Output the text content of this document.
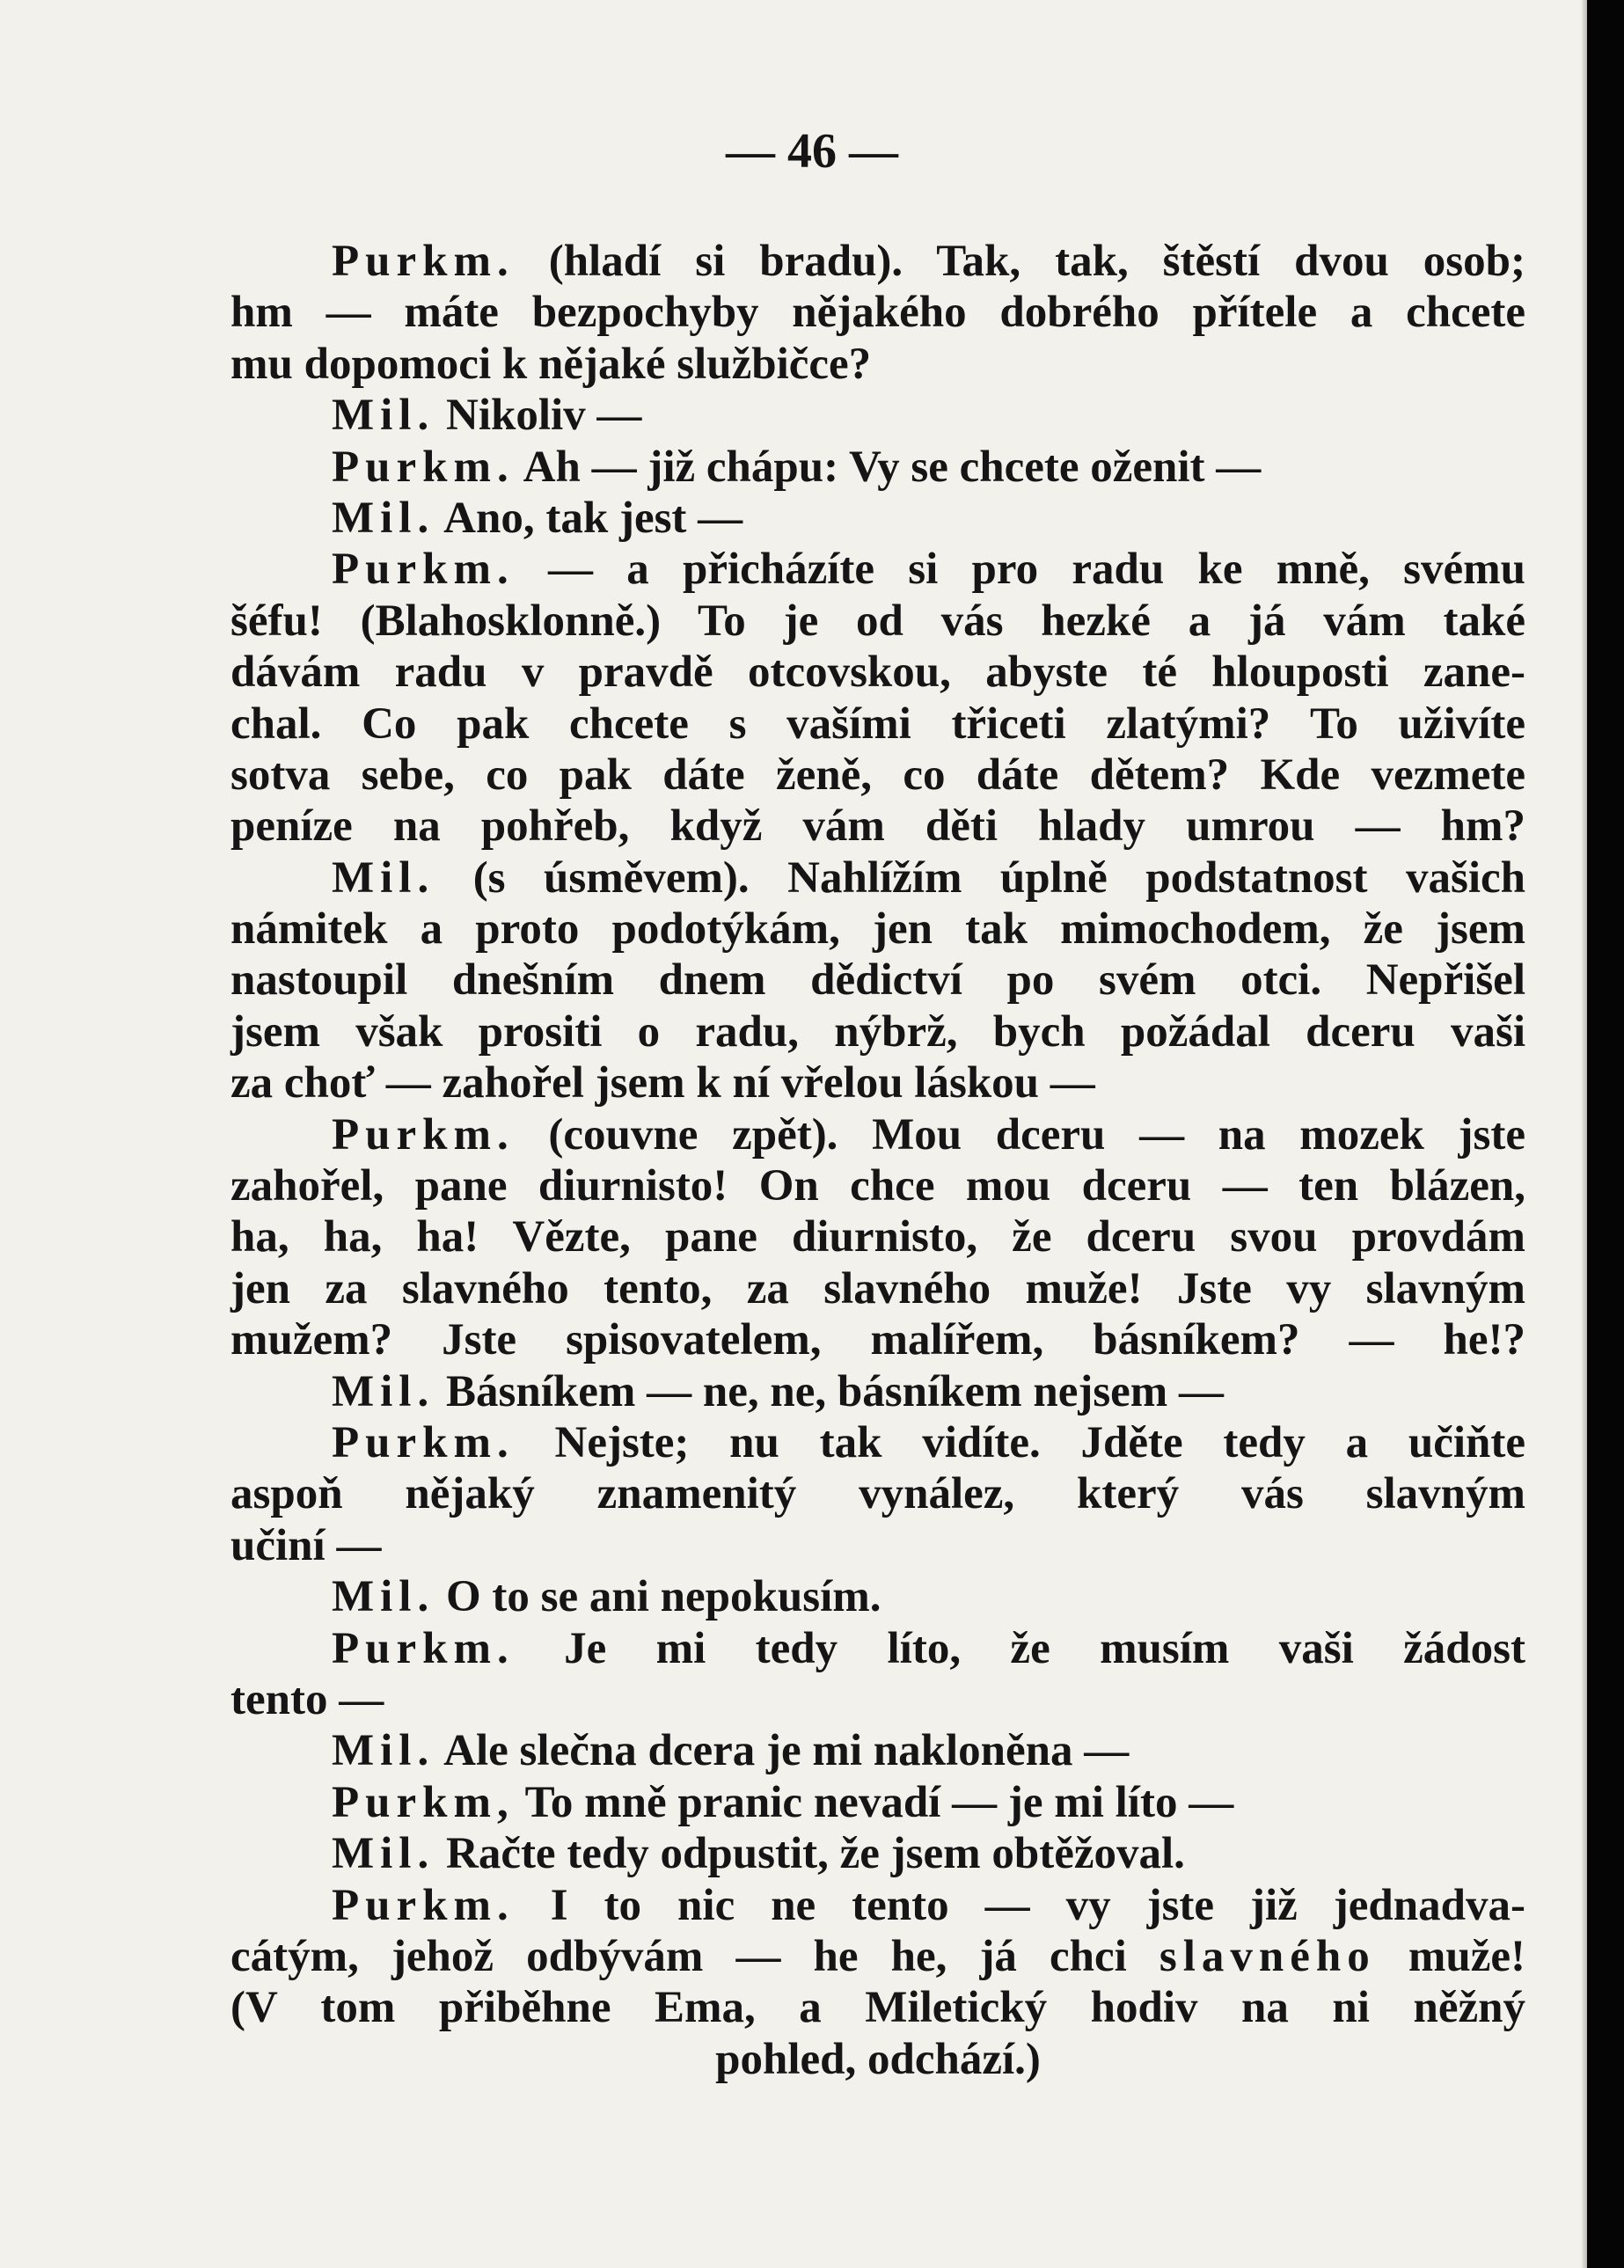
— 46 —
Purkm. (hladí si bradu). Tak, tak, štěstí dvou osob;
hm — máte bezpochyby nějakého dobrého přítele a chcete
mu dopomoci k nějaké službičce?
Mil. Nikoliv —
Purkm. Ah — již chápu: Vy se chcete oženit —
Mil. Ano, tak jest —
Purkm. — a přicházíte si pro radu ke mně, svému
šéfu! (Blahosklonně.) To je od vás hezké a já vám také
dávám radu v pravdě otcovskou, abyste té hlouposti zane-
chal. Co pak chcete s vašími třiceti zlatými? To uživíte
sotva sebe, co pak dáte ženě, co dáte dětem? Kde vezmete
peníze na pohřeb, když vám děti hlady umrou — hm?
Mil. (s úsměvem). Nahlížím úplně podstatnost vašich
námitek a proto podotýkám, jen tak mimochodem, že jsem
nastoupil dnešním dnem dědictví po svém otci. Nepřišel
jsem však prositi o radu, nýbrž, bych požádal dceru vaši
za choť — zahořel jsem k ní vřelou láskou —
Purkm. (couvne zpět). Mou dceru — na mozek jste
zahořel, pane diurnisto! On chce mou dceru — ten blázen,
ha, ha, ha! Vězte, pane diurnisto, že dceru svou provdám
jen za slavného tento, za slavného muže! Jste vy slavným
mužem? Jste spisovatelem, malířem, básníkem? — he!?
Mil. Básníkem — ne, ne, básníkem nejsem —
Purkm. Nejste; nu tak vidíte. Jděte tedy a učiňte
aspoň nějaký znamenitý vynález, který vás slavným
učiní —
Mil. O to se ani nepokusím.
Purkm. Je mi tedy líto, že musím vaši žádost
tento —
Mil. Ale slečna dcera je mi nakloněna —
Purkm, To mně pranic nevadí — je mi líto —
Mil. Račte tedy odpustit, že jsem obtěžoval.
Purkm. I to nic ne tento — vy jste již jednadva-
cátým, jehož odbývám — he he, já chci slavného muže!
(V tom přiběhne Ema, a Miletický hodiv na ni něžný
pohled, odchází.)
